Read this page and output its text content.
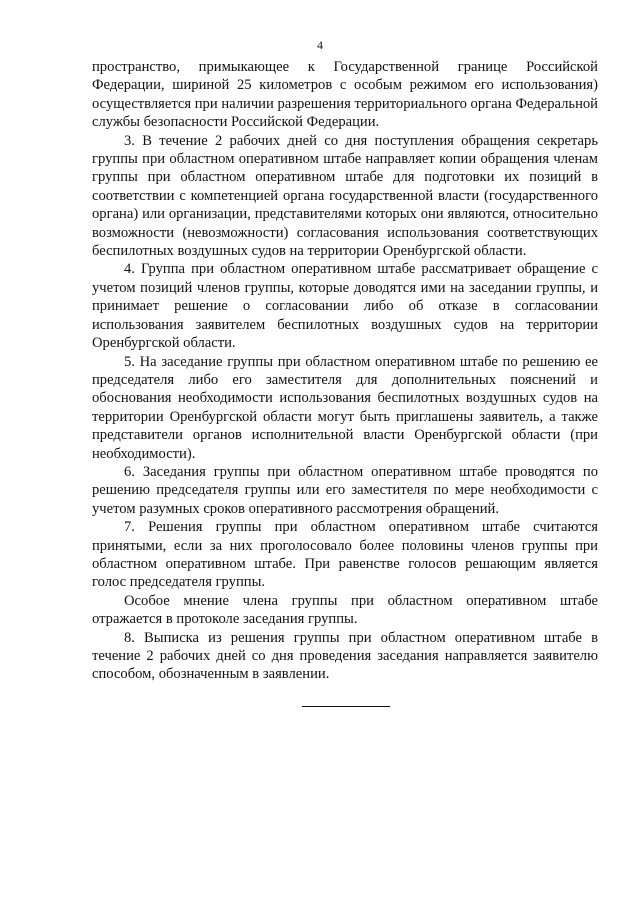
4

пространство, примыкающее к Государственной границе Российской Федерации, шириной 25 километров с особым режимом его использования) осуществляется при наличии разрешения территориального органа Федеральной службы безопасности Российской Федерации.

3. В течение 2 рабочих дней со дня поступления обращения секретарь группы при областном оперативном штабе направляет копии обращения членам группы при областном оперативном штабе для подготовки их позиций в соответствии с компетенцией органа государственной власти (государственного органа) или организации, представителями которых они являются, относительно возможности (невозможности) согласования использования соответствующих беспилотных воздушных судов на территории Оренбургской области.

4. Группа при областном оперативном штабе рассматривает обращение с учетом позиций членов группы, которые доводятся ими на заседании группы, и принимает решение о согласовании либо об отказе в согласовании использования заявителем беспилотных воздушных судов на территории Оренбургской области.

5. На заседание группы при областном оперативном штабе по решению ее председателя либо его заместителя для дополнительных пояснений и обоснования необходимости использования беспилотных воздушных судов на территории Оренбургской области могут быть приглашены заявитель, а также представители органов исполнительной власти Оренбургской области (при необходимости).

6. Заседания группы при областном оперативном штабе проводятся по решению председателя группы или его заместителя по мере необходимости с учетом разумных сроков оперативного рассмотрения обращений.

7. Решения группы при областном оперативном штабе считаются принятыми, если за них проголосовало более половины членов группы при областном оперативном штабе. При равенстве голосов решающим является голос председателя группы.

Особое мнение члена группы при областном оперативном штабе отражается в протоколе заседания группы.

8. Выписка из решения группы при областном оперативном штабе в течение 2 рабочих дней со дня проведения заседания направляется заявителю способом, обозначенным в заявлении.
